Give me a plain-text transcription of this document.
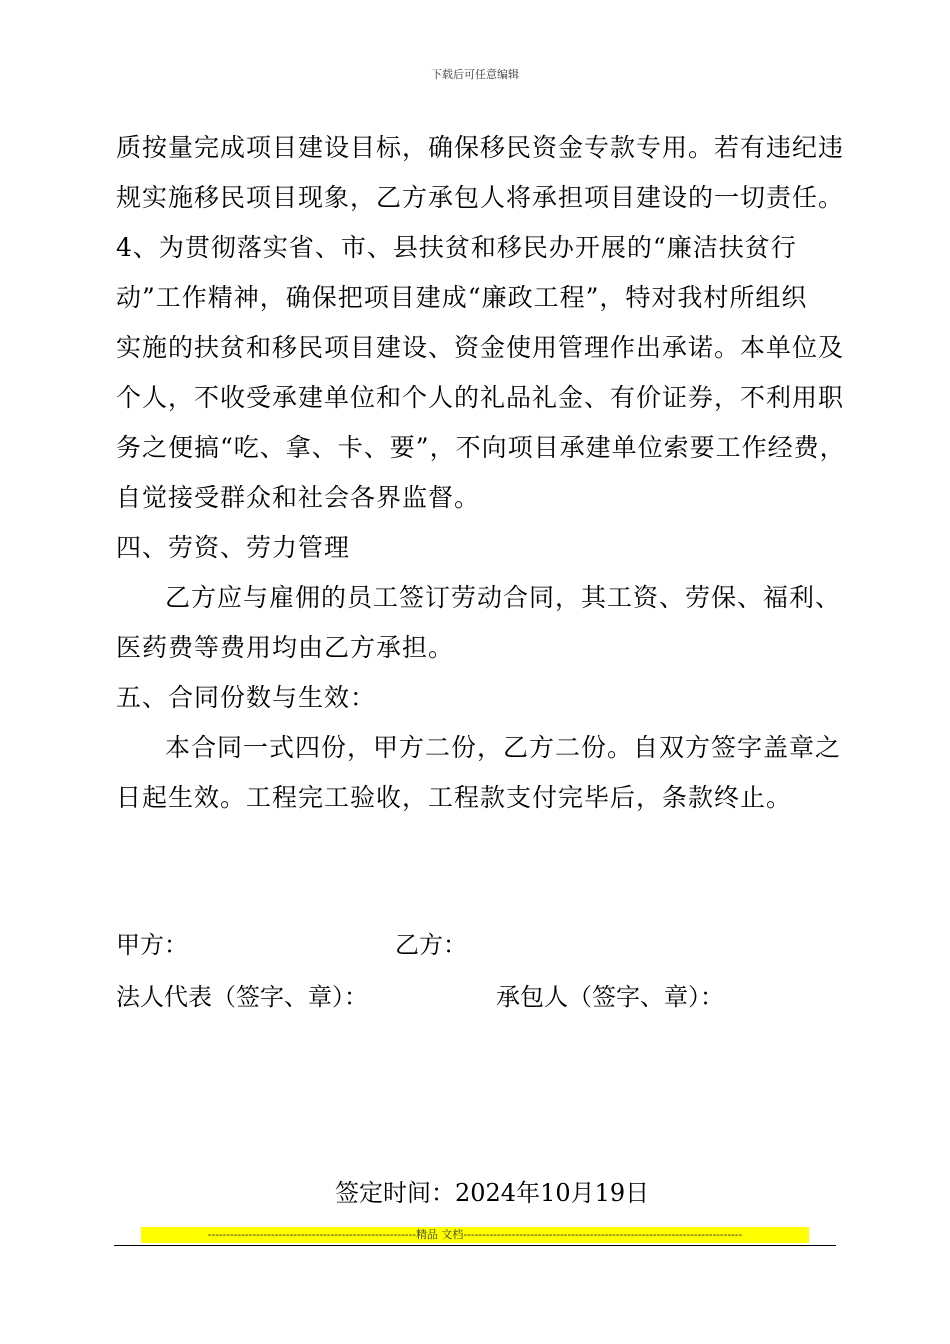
下载后可任意编辑
质按量完成项目建设目标，确保移民资金专款专用。若有违纪违
规实施移民项目现象，乙方承包人将承担项目建设的一切责任。
4、为贯彻落实省、市、县扶贫和移民办开展的“廉洁扶贫行
动”工作精神，确保把项目建成“廉政工程”，特对我村所组织
实施的扶贫和移民项目建设、资金使用管理作出承诺。本单位及
个人，不收受承建单位和个人的礼品礼金、有价证券，不利用职
务之便搞“吃、拿、卡、要”，不向项目承建单位索要工作经费，
自觉接受群众和社会各界监督。
四、劳资、劳力管理
乙方应与雇佣的员工签订劳动合同，其工资、劳保、福利、
医药费等费用均由乙方承担。
五、合同份数与生效：
本合同一式四份，甲方二份，乙方二份。自双方签字盖章之
日起生效。工程完工验收，工程款支付完毕后，条款终止。
甲方：	乙方：
法人代表（签字、章）：	承包人（签字、章）：
签定时间：2024年10月19日
--------------------------------------------------------精品 文档---------------------------------------------------------------------------
